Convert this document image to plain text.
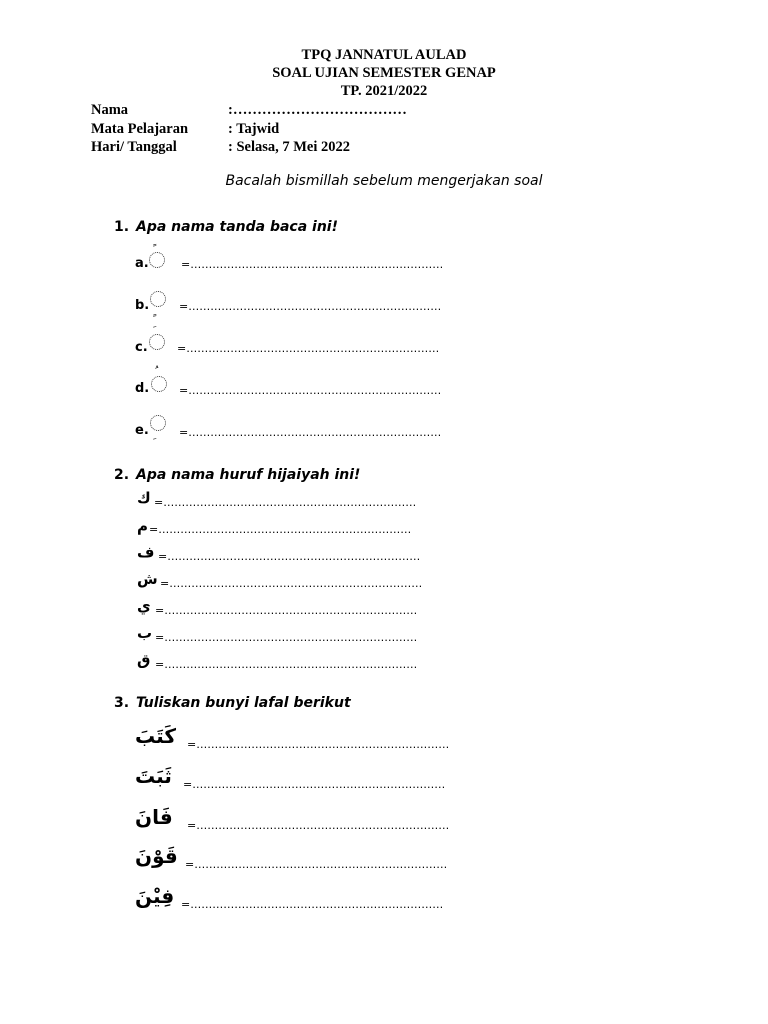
TPQ JANNATUL AULAD
SOAL UJIAN SEMESTER GENAP
TP. 2021/2022
Nama	:………………………………
Mata Pelajaran	: Tajwid
Hari/ Tanggal	: Selasa, 7 Mei 2022
Bacalah bismillah sebelum mengerjakan soal
1. Apa nama tanda baca ini!
a.	=……………………………………………………………
b.	=……………………………………………………………
c.	=……………………………………………………………
d.	=……………………………………………………………
e.	=……………………………………………………………
2. Apa nama huruf hijaiyah ini!
ك =……………………………………………………………
م =……………………………………………………………
ف =……………………………………………………………
ش =……………………………………………………………
ي =……………………………………………………………
ب =……………………………………………………………
ق =……………………………………………………………
3. Tuliskan bunyi lafal berikut
كَتَبَ =……………………………………………………………
ثَبَتَ =……………………………………………………………
فَانَ =……………………………………………………………
قَوْنَ =……………………………………………………………
فِيْنَ =……………………………………………………………
